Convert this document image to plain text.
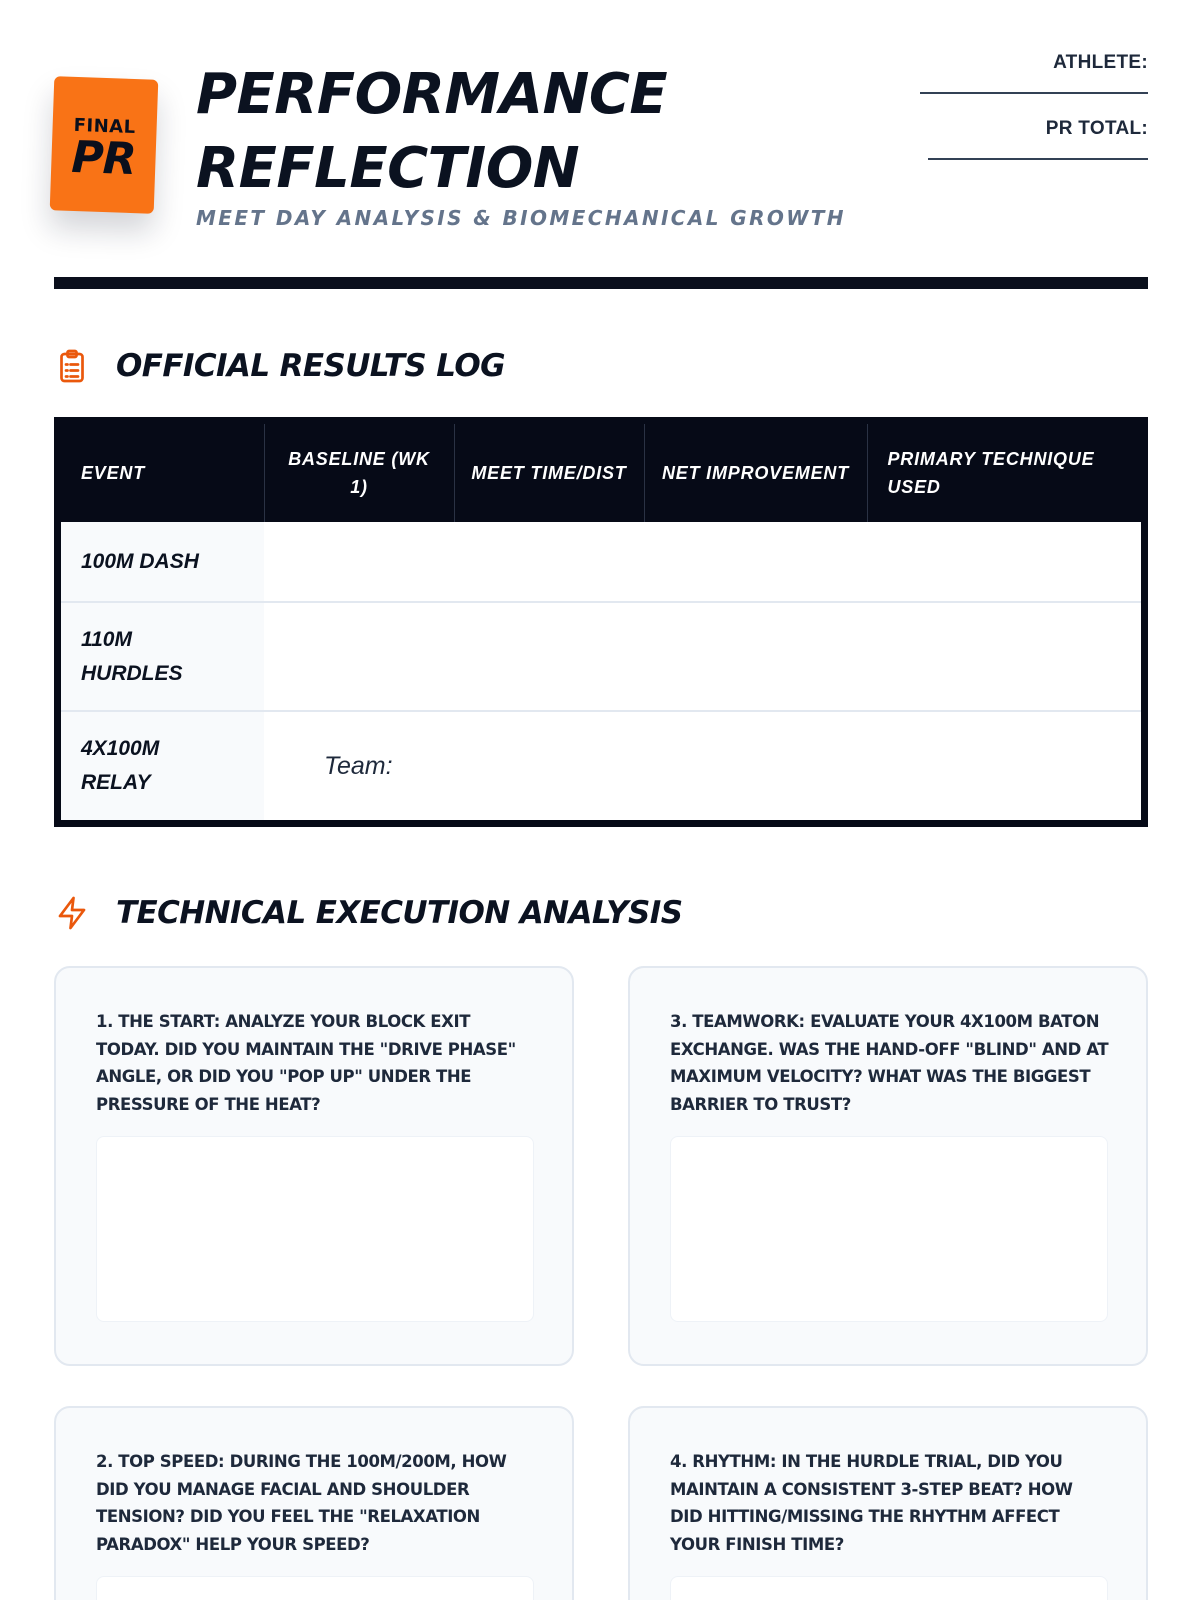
FINAL
PR
PERFORMANCE
REFLECTION
MEET DAY ANALYSIS & BIOMECHANICAL GROWTH
ATHLETE:
PR TOTAL:
OFFICIAL RESULTS LOG
EVENT	BASELINE (WK 1)	MEET TIME/DIST	NET IMPROVEMENT	PRIMARY TECHNIQUE USED
100M DASH				

110M
HURDLES				

4X100M
RELAY	Team:			
TECHNICAL EXECUTION ANALYSIS
1. THE START: ANALYZE YOUR BLOCK EXIT TODAY. DID YOU MAINTAIN THE "DRIVE PHASE" ANGLE, OR DID YOU "POP UP" UNDER THE PRESSURE OF THE HEAT?
3. TEAMWORK: EVALUATE YOUR 4X100M BATON EXCHANGE. WAS THE HAND-OFF "BLIND" AND AT MAXIMUM VELOCITY? WHAT WAS THE BIGGEST BARRIER TO TRUST?
2. TOP SPEED: DURING THE 100M/200M, HOW DID YOU MANAGE FACIAL AND SHOULDER TENSION? DID YOU FEEL THE "RELAXATION PARADOX" HELP YOUR SPEED?
4. RHYTHM: IN THE HURDLE TRIAL, DID YOU MAINTAIN A CONSISTENT 3-STEP BEAT? HOW DID HITTING/MISSING THE RHYTHM AFFECT YOUR FINISH TIME?
